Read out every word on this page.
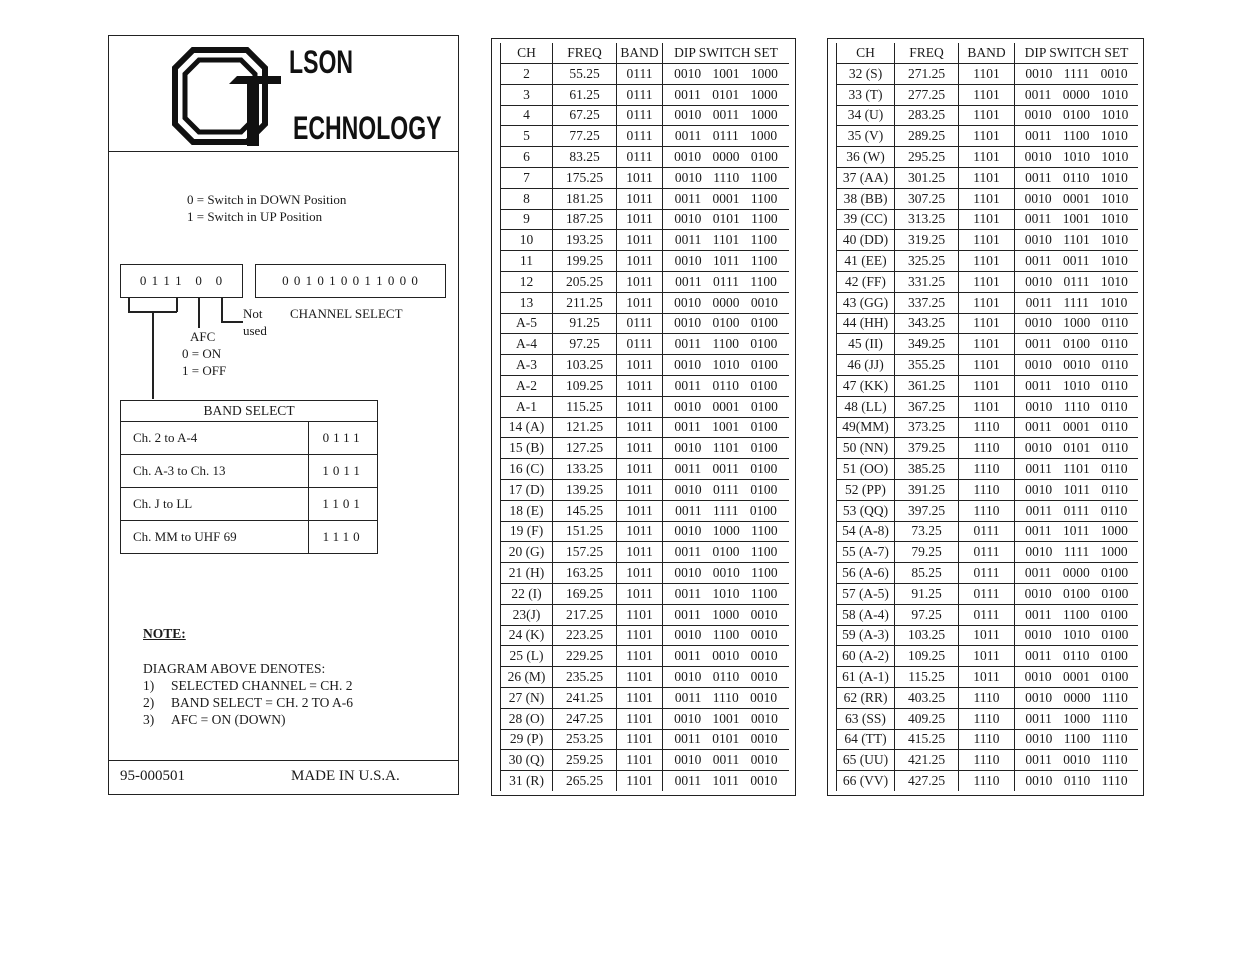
LSON
ECHNOLOGY
0 = Switch in DOWN Position
1 = Switch in UP Position
0 1 1 1   0   0	0 0 1 0 1 0 0 1 1 0 0 0
Not
used
CHANNEL SELECT
AFC
0 = ON
1 = OFF
BAND SELECT	
Ch. 2 to A-4	0111
Ch. A-3 to Ch. 13	1011
Ch. J to LL	1101
Ch. MM to UHF 69	1110
NOTE:
DIAGRAM ABOVE DENOTES:
1) SELECTED CHANNEL = CH. 2
2) BAND SELECT = CH. 2 TO A-6
3) AFC = ON (DOWN)
95-000501	MADE IN U.S.A.
CH	FREQ	BAND	DIP SWITCH SET
2	55.25	0111	0010 1001 1000
3	61.25	0111	0011 0101 1000
4	67.25	0111	0010 0011 1000
5	77.25	0111	0011 0111 1000
6	83.25	0111	0010 0000 0100
7	175.25	1011	0010 1110 1100
8	181.25	1011	0011 0001 1100
9	187.25	1011	0010 0101 1100
10	193.25	1011	0011 1101 1100
11	199.25	1011	0010 1011 1100
12	205.25	1011	0011 0111 1100
13	211.25	1011	0010 0000 0010
A-5	91.25	0111	0010 0100 0100
A-4	97.25	0111	0011 1100 0100
A-3	103.25	1011	0010 1010 0100
A-2	109.25	1011	0011 0110 0100
A-1	115.25	1011	0010 0001 0100
14 (A)	121.25	1011	0011 1001 0100
15 (B)	127.25	1011	0010 1101 0100
16 (C)	133.25	1011	0011 0011 0100
17 (D)	139.25	1011	0010 0111 0100
18 (E)	145.25	1011	0011 1111 0100
19 (F)	151.25	1011	0010 1000 1100
20 (G)	157.25	1011	0011 0100 1100
21 (H)	163.25	1011	0010 0010 1100
22 (I)	169.25	1011	0011 1010 1100
23(J)	217.25	1101	0011 1000 0010
24 (K)	223.25	1101	0010 1100 0010
25 (L)	229.25	1101	0011 0010 0010
26 (M)	235.25	1101	0010 0110 0010
27 (N)	241.25	1101	0011 1110 0010
28 (O)	247.25	1101	0010 1001 0010
29 (P)	253.25	1101	0011 0101 0010
30 (Q)	259.25	1101	0010 0011 0010
31 (R)	265.25	1101	0011 1011 0010
CH	FREQ	BAND	DIP SWITCH SET
32 (S)	271.25	1101	0010 1111 0010
33 (T)	277.25	1101	0011 0000 1010
34 (U)	283.25	1101	0010 0100 1010
35 (V)	289.25	1101	0011 1100 1010
36 (W)	295.25	1101	0010 1010 1010
37 (AA)	301.25	1101	0011 0110 1010
38 (BB)	307.25	1101	0010 0001 1010
39 (CC)	313.25	1101	0011 1001 1010
40 (DD)	319.25	1101	0010 1101 1010
41 (EE)	325.25	1101	0011 0011 1010
42 (FF)	331.25	1101	0010 0111 1010
43 (GG)	337.25	1101	0011 1111 1010
44 (HH)	343.25	1101	0010 1000 0110
45 (II)	349.25	1101	0011 0100 0110
46 (JJ)	355.25	1101	0010 0010 0110
47 (KK)	361.25	1101	0011 1010 0110
48 (LL)	367.25	1101	0010 1110 0110
49(MM)	373.25	1110	0011 0001 0110
50 (NN)	379.25	1110	0010 0101 0110
51 (OO)	385.25	1110	0011 1101 0110
52 (PP)	391.25	1110	0010 1011 0110
53 (QQ)	397.25	1110	0011 0111 0110
54 (A-8)	73.25	0111	0011 1011 1000
55 (A-7)	79.25	0111	0010 1111 1000
56 (A-6)	85.25	0111	0011 0000 0100
57 (A-5)	91.25	0111	0010 0100 0100
58 (A-4)	97.25	0111	0011 1100 0100
59 (A-3)	103.25	1011	0010 1010 0100
60 (A-2)	109.25	1011	0011 0110 0100
61 (A-1)	115.25	1011	0010 0001 0100
62 (RR)	403.25	1110	0010 0000 1110
63 (SS)	409.25	1110	0011 1000 1110
64 (TT)	415.25	1110	0010 1100 1110
65 (UU)	421.25	1110	0011 0010 1110
66 (VV)	427.25	1110	0010 0110 1110
